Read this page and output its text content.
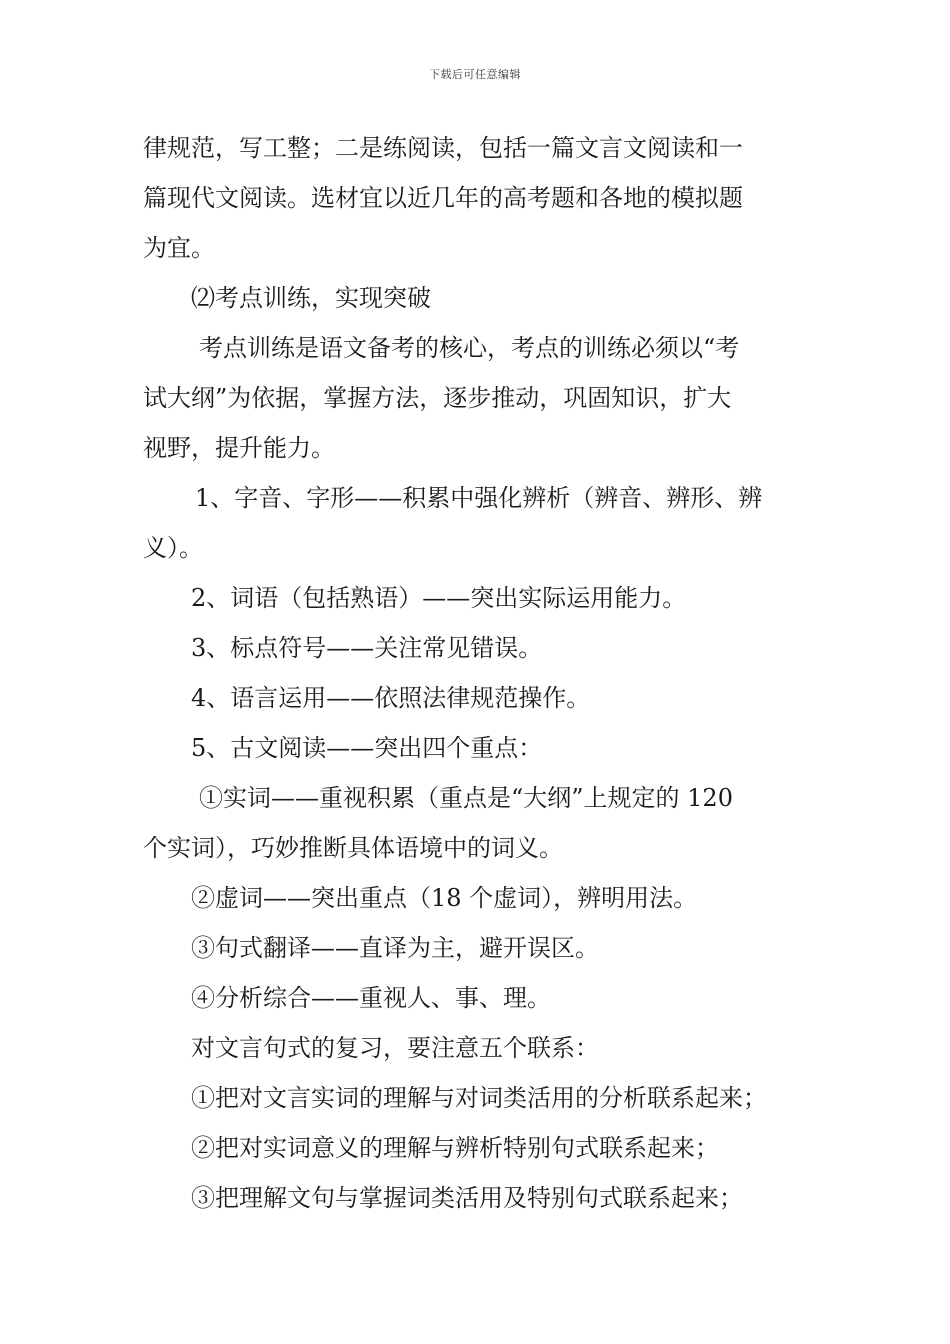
下载后可任意编辑

律规范，写工整；二是练阅读，包括一篇文言文阅读和一
篇现代文阅读。选材宜以近几年的高考题和各地的模拟题
为宜。

⑵考点训练，实现突破

考点训练是语文备考的核心，考点的训练必须以“考
试大纲”为依据，掌握方法，逐步推动，巩固知识，扩大
视野，提升能力。

1、字音、字形——积累中强化辨析（辨音、辨形、辨
义）。

2、词语（包括熟语）——突出实际运用能力。

3、标点符号——关注常见错误。

4、语言运用——依照法律规范操作。

5、古文阅读——突出四个重点：

①实词——重视积累（重点是“大纲”上规定的 120
个实词），巧妙推断具体语境中的词义。

②虚词——突出重点（18 个虚词），辨明用法。

③句式翻译——直译为主，避开误区。

④分析综合——重视人、事、理。

对文言句式的复习，要注意五个联系：

①把对文言实词的理解与对词类活用的分析联系起来；

②把对实词意义的理解与辨析特别句式联系起来；

③把理解文句与掌握词类活用及特别句式联系起来；
